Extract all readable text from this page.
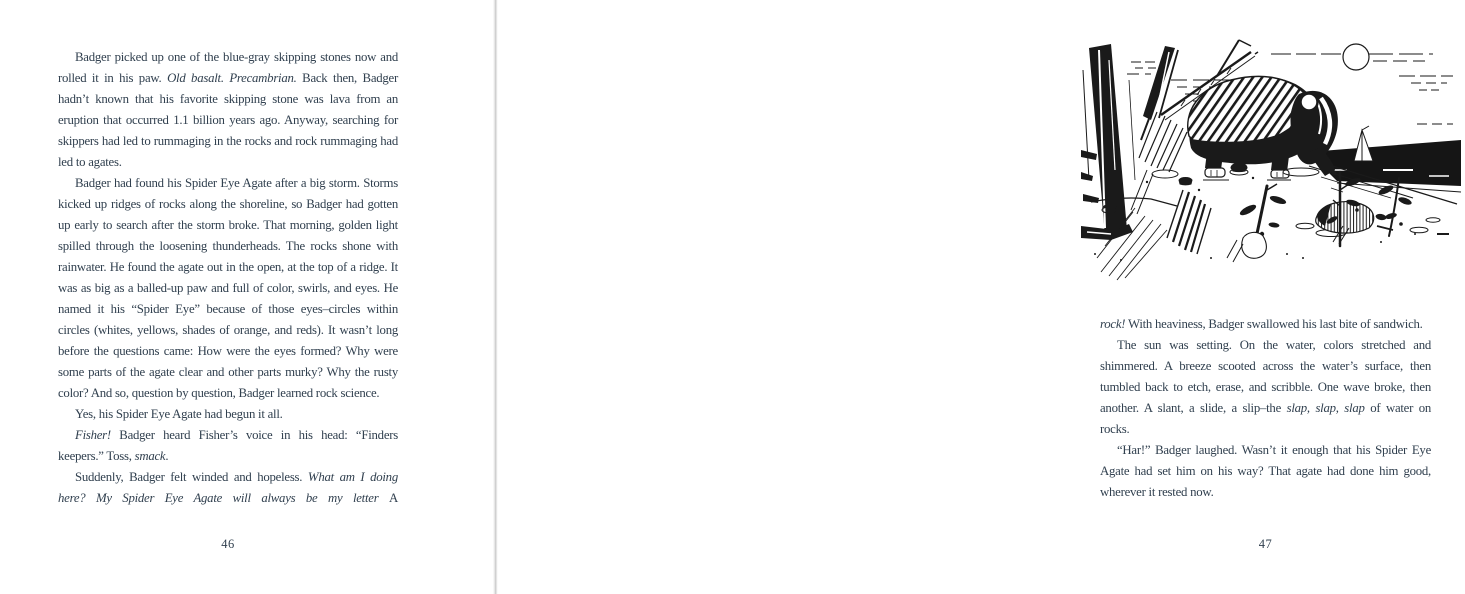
Badger picked up one of the blue-gray skipping stones now and rolled it in his paw. Old basalt. Precambrian. Back then, Badger hadn’t known that his favorite skipping stone was lava from an eruption that occurred 1.1 billion years ago. Anyway, searching for skippers had led to rummaging in the rocks and rock rummaging had led to agates.

Badger had found his Spider Eye Agate after a big storm. Storms kicked up ridges of rocks along the shoreline, so Badger had gotten up early to search after the storm broke. That morning, golden light spilled through the loosening thunderheads. The rocks shone with rainwater. He found the agate out in the open, at the top of a ridge. It was as big as a balled-up paw and full of color, swirls, and eyes. He named it his “Spider Eye” because of those eyes–circles within circles (whites, yellows, shades of orange, and reds). It wasn’t long before the questions came: How were the eyes formed? Why were some parts of the agate clear and other parts murky? Why the rusty color? And so, question by question, Badger learned rock science.

Yes, his Spider Eye Agate had begun it all.

Fisher! Badger heard Fisher’s voice in his head: “Finders keepers.” Toss, smack.

Suddenly, Badger felt winded and hopeless. What am I doing here? My Spider Eye Agate will always be my letter A

46

rock! With heaviness, Badger swallowed his last bite of sandwich.

The sun was setting. On the water, colors stretched and shimmered. A breeze scooted across the water’s surface, then tumbled back to etch, erase, and scribble. One wave broke, then another. A slant, a slide, a slip–the slap, slap, slap of water on rocks.

“Har!” Badger laughed. Wasn’t it enough that his Spider Eye Agate had set him on his way? That agate had done him good, wherever it rested now.

47
